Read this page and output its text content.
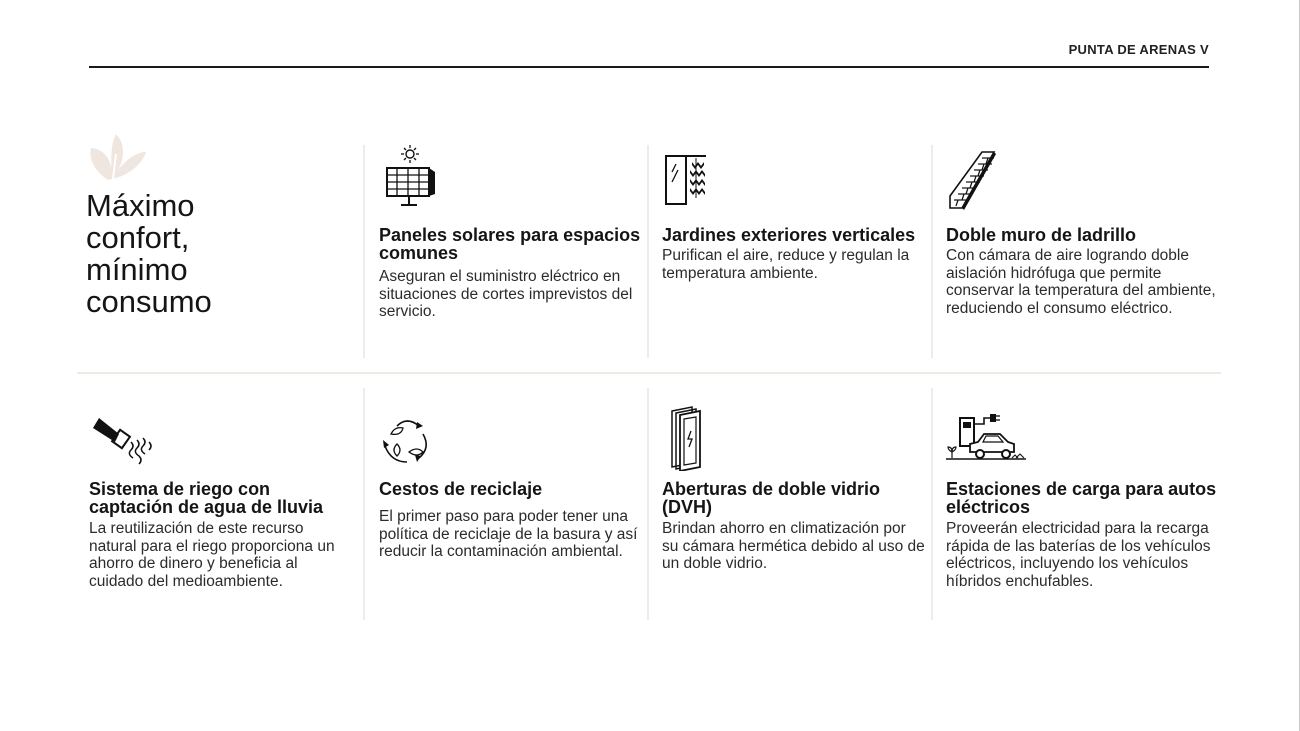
PUNTA DE ARENAS V
Máximo
confort,
mínimo
consumo
Paneles solares para espacios comunes

Aseguran el suministro eléctrico en situaciones de cortes imprevistos del servicio.

Jardines exteriores verticales

Purifican el aire, reduce y regulan la temperatura ambiente.

Doble muro de ladrillo

Con cámara de aire logrando doble aislación hidrófuga que permite conservar la temperatura del ambiente, reduciendo el consumo eléctrico.

Sistema de riego con captación de agua de lluvia

La reutilización de este recurso natural para el riego proporciona un ahorro de dinero y beneficia al cuidado del medioambiente.

Cestos de reciclaje

El primer paso para poder tener una política de reciclaje de la basura y así reducir la contaminación ambiental.

Aberturas de doble vidrio (DVH)

Brindan ahorro en climatización por su cámara hermética debido al uso de un doble vidrio.

Estaciones de carga para autos eléctricos

Proveerán electricidad para la recarga rápida de las baterías de los vehículos eléctricos, incluyendo los vehículos híbridos enchufables.
